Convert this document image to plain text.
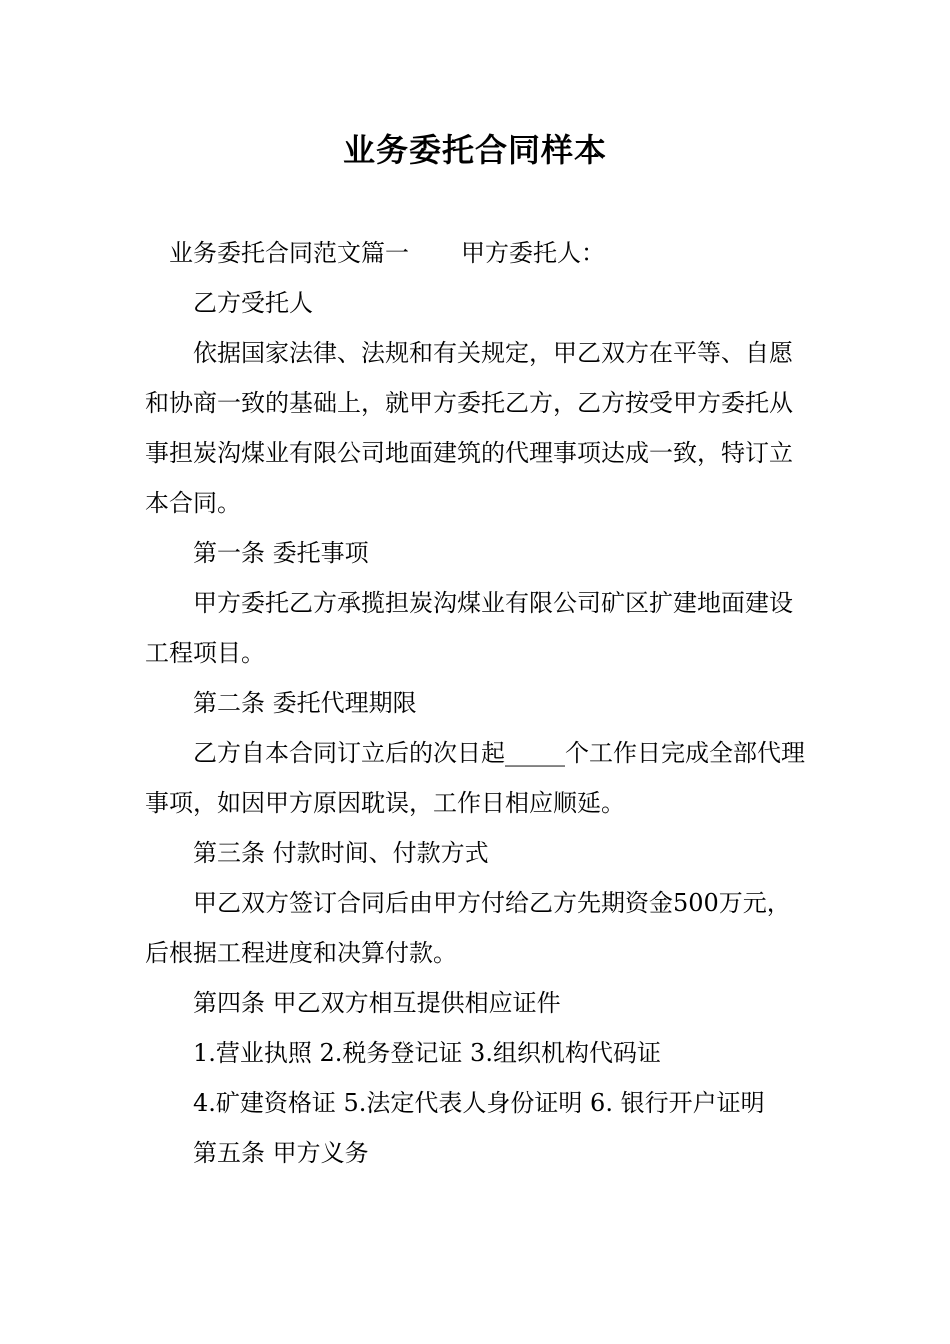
业务委托合同样本

业务委托合同范文篇一 甲方委托人：

乙方受托人

依据国家法律、法规和有关规定，甲乙双方在平等、自愿和协商一致的基础上，就甲方委托乙方，乙方按受甲方委托从事担炭沟煤业有限公司地面建筑的代理事项达成一致，特订立本合同。

第一条 委托事项

甲方委托乙方承揽担炭沟煤业有限公司矿区扩建地面建设工程项目。

第二条 委托代理期限

乙方自本合同订立后的次日起_____个工作日完成全部代理事项，如因甲方原因耽误，工作日相应顺延。

第三条 付款时间、付款方式

甲乙双方签订合同后由甲方付给乙方先期资金500万元，后根据工程进度和决算付款。

第四条 甲乙双方相互提供相应证件

1.营业执照 2.税务登记证 3.组织机构代码证

4.矿建资格证 5.法定代表人身份证明 6. 银行开户证明

第五条 甲方义务
